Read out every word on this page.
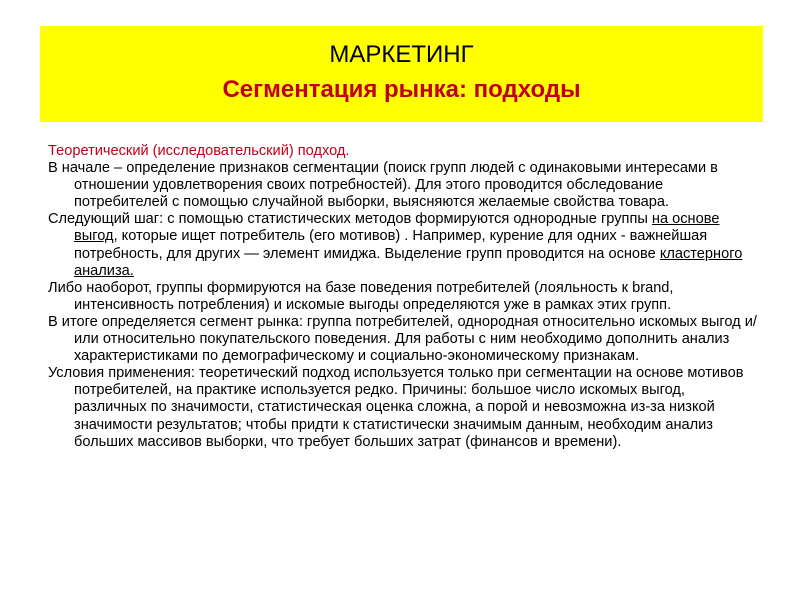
МАРКЕТИНГ
Сегментация рынка: подходы

Теоретический (исследовательский) подход.

В начале – определение признаков сегментации (поиск групп людей с одинаковыми интересами в отношении удовлетворения своих потребностей). Для этого проводится обследование потребителей с помощью случайной выборки, выясняются желаемые свойства товара.

Следующий шаг: с помощью статистических методов формируются однородные группы на основе выгод, которые ищет потребитель (его мотивов) . Например, курение для одних - важнейшая потребность, для других — элемент имиджа. Выделение групп проводится на основе кластерного анализа.

Либо наоборот, группы формируются на базе поведения потребителей (лояльность к brand, интенсивность потребления) и искомые выгоды определяются уже в рамках этих групп.

В итоге определяется сегмент рынка: группа потребителей, однородная относительно искомых выгод и/или относительно покупательского поведения. Для работы с ним необходимо дополнить анализ характеристиками по демографическому и социально-экономическому признакам.

Условия применения: теоретический подход используется только при сегментации на основе мотивов потребителей, на практике используется редко. Причины: большое число искомых выгод, различных по значимости, статистическая оценка сложна, а порой и невозможна из-за низкой значимости результатов; чтобы придти к статистически значимым данным, необходим анализ больших массивов выборки, что требует больших затрат (финансов и времени).
